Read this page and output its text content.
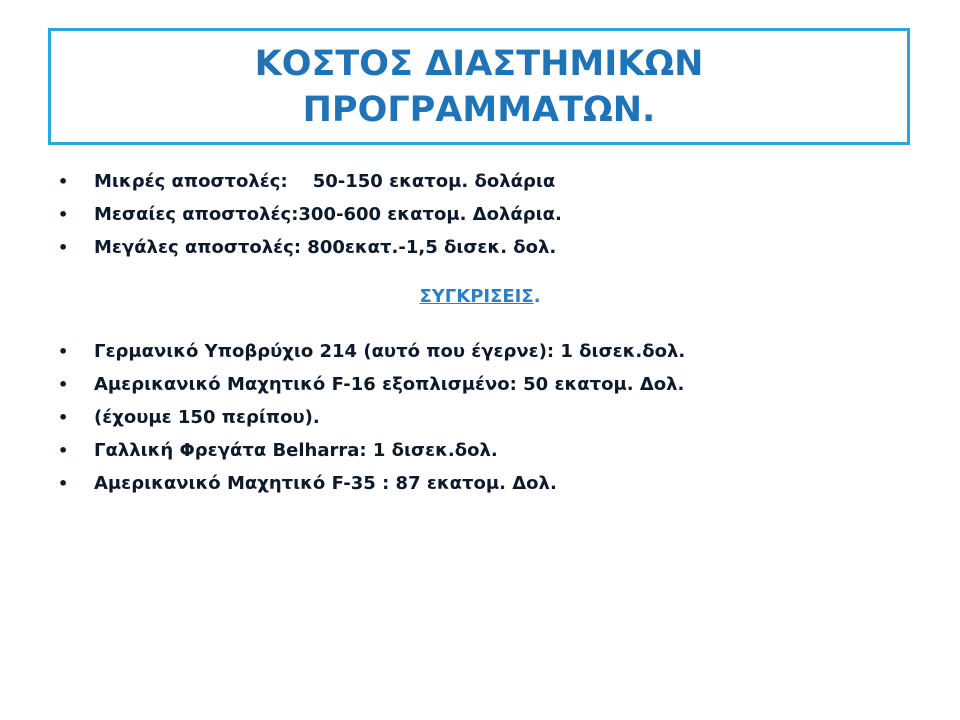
ΚΟΣΤΟΣ ΔΙΑΣΤΗΜΙΚΩΝ
ΠΡΟΓΡΑΜΜΑΤΩΝ.
•	Μικρές αποστολές:    50-150 εκατομ. δολάρια
•	Μεσαίες αποστολές:300-600 εκατομ. Δολάρια.
•	Μεγάλες αποστολές: 800εκατ.-1,5 δισεκ. δολ.
ΣΥΓΚΡΙΣΕΙΣ.
•	Γερμανικό Υποβρύχιο 214 (αυτό που έγερνε): 1 δισεκ.δολ.
•	Αμερικανικό Μαχητικό F-16 εξοπλισμένο: 50 εκατομ. Δολ.
•	(έχουμε 150 περίπου).
•	Γαλλική Φρεγάτα Belharra: 1 δισεκ.δολ.
•	Αμερικανικό Μαχητικό F-35 : 87 εκατομ. Δολ.
